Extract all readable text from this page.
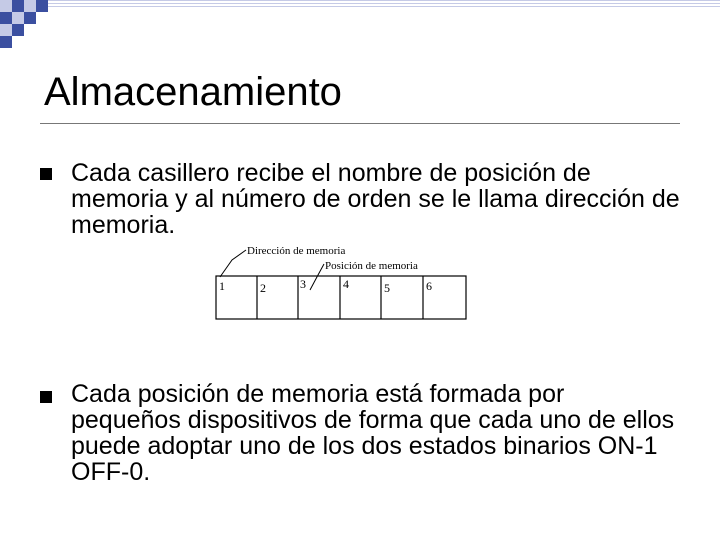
Almacenamiento
Cada casillero recibe el nombre de posición de memoria y al número de orden se le llama dirección de memoria.
Dirección de memoria
Posición de memoria
1	2	3	4	5	6
Cada posición de memoria está formada por pequeños dispositivos de forma que cada uno de ellos puede adoptar uno de los dos estados binarios ON-1 OFF-0.
